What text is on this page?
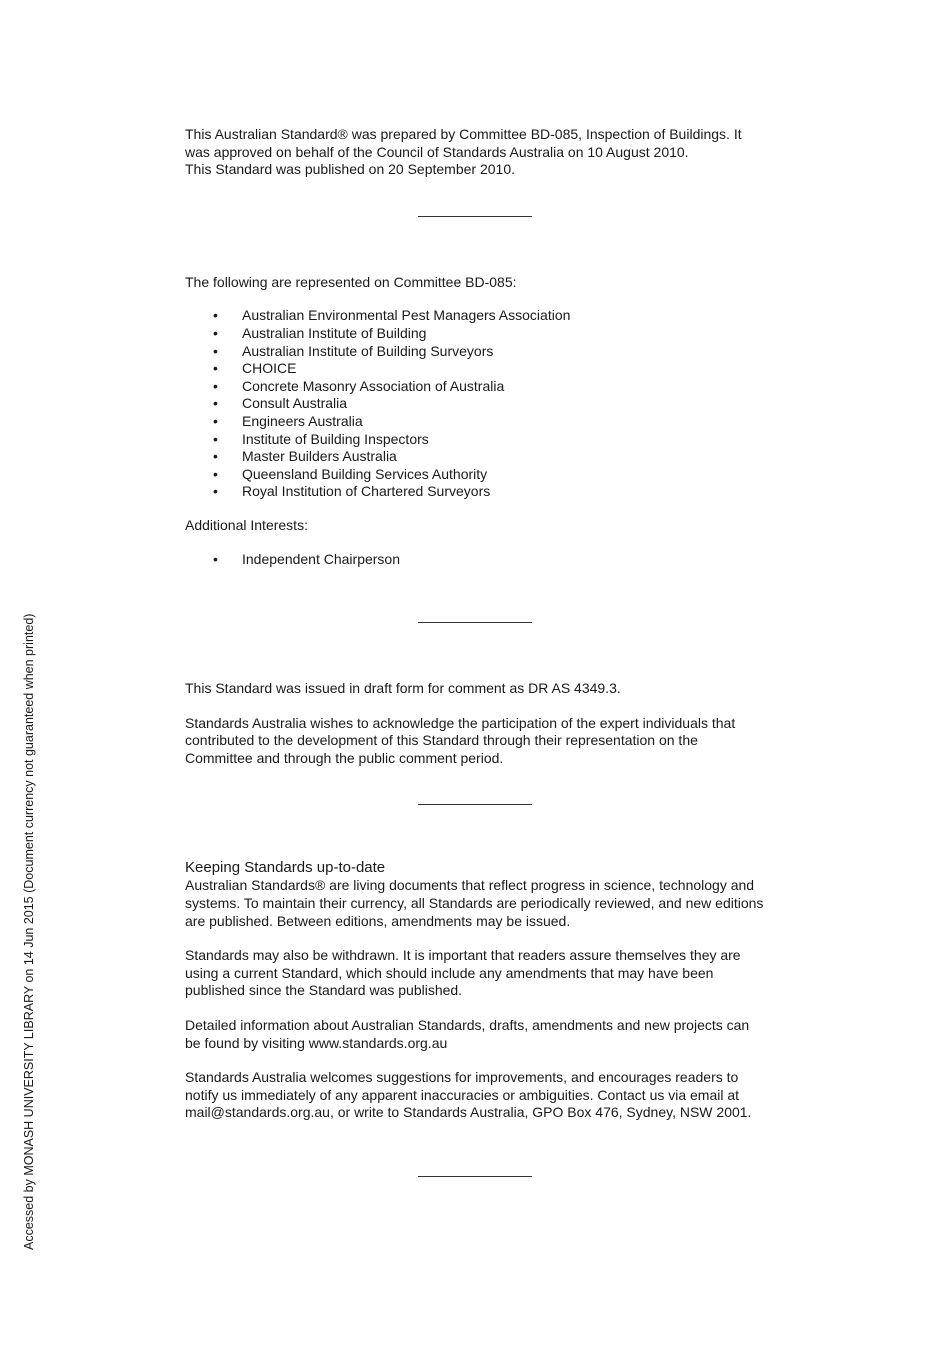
This Australian Standard® was prepared by Committee BD-085, Inspection of Buildings. It

was approved on behalf of the Council of Standards Australia on 10 August 2010.

This Standard was published on 20 September 2010.

The following are represented on Committee BD-085:

• Australian Environmental Pest Managers Association
• Australian Institute of Building
• Australian Institute of Building Surveyors
• CHOICE
• Concrete Masonry Association of Australia
• Consult Australia
• Engineers Australia
• Institute of Building Inspectors
• Master Builders Australia
• Queensland Building Services Authority
• Royal Institution of Chartered Surveyors

Additional Interests:

• Independent Chairperson

This Standard was issued in draft form for comment as DR AS 4349.3.

Standards Australia wishes to acknowledge the participation of the expert individuals that

contributed to the development of this Standard through their representation on the

Committee and through the public comment period.

Keeping Standards up-to-date

Australian Standards® are living documents that reflect progress in science, technology and

systems. To maintain their currency, all Standards are periodically reviewed, and new editions

are published. Between editions, amendments may be issued.

Standards may also be withdrawn. It is important that readers assure themselves they are

using a current Standard, which should include any amendments that may have been

published since the Standard was published.

Detailed information about Australian Standards, drafts, amendments and new projects can

be found by visiting www.standards.org.au

Standards Australia welcomes suggestions for improvements, and encourages readers to

notify us immediately of any apparent inaccuracies or ambiguities. Contact us via email at

mail@standards.org.au, or write to Standards Australia, GPO Box 476, Sydney, NSW 2001.

Accessed by MONASH UNIVERSITY LIBRARY on 14 Jun 2015 (Document currency not guaranteed when printed)
